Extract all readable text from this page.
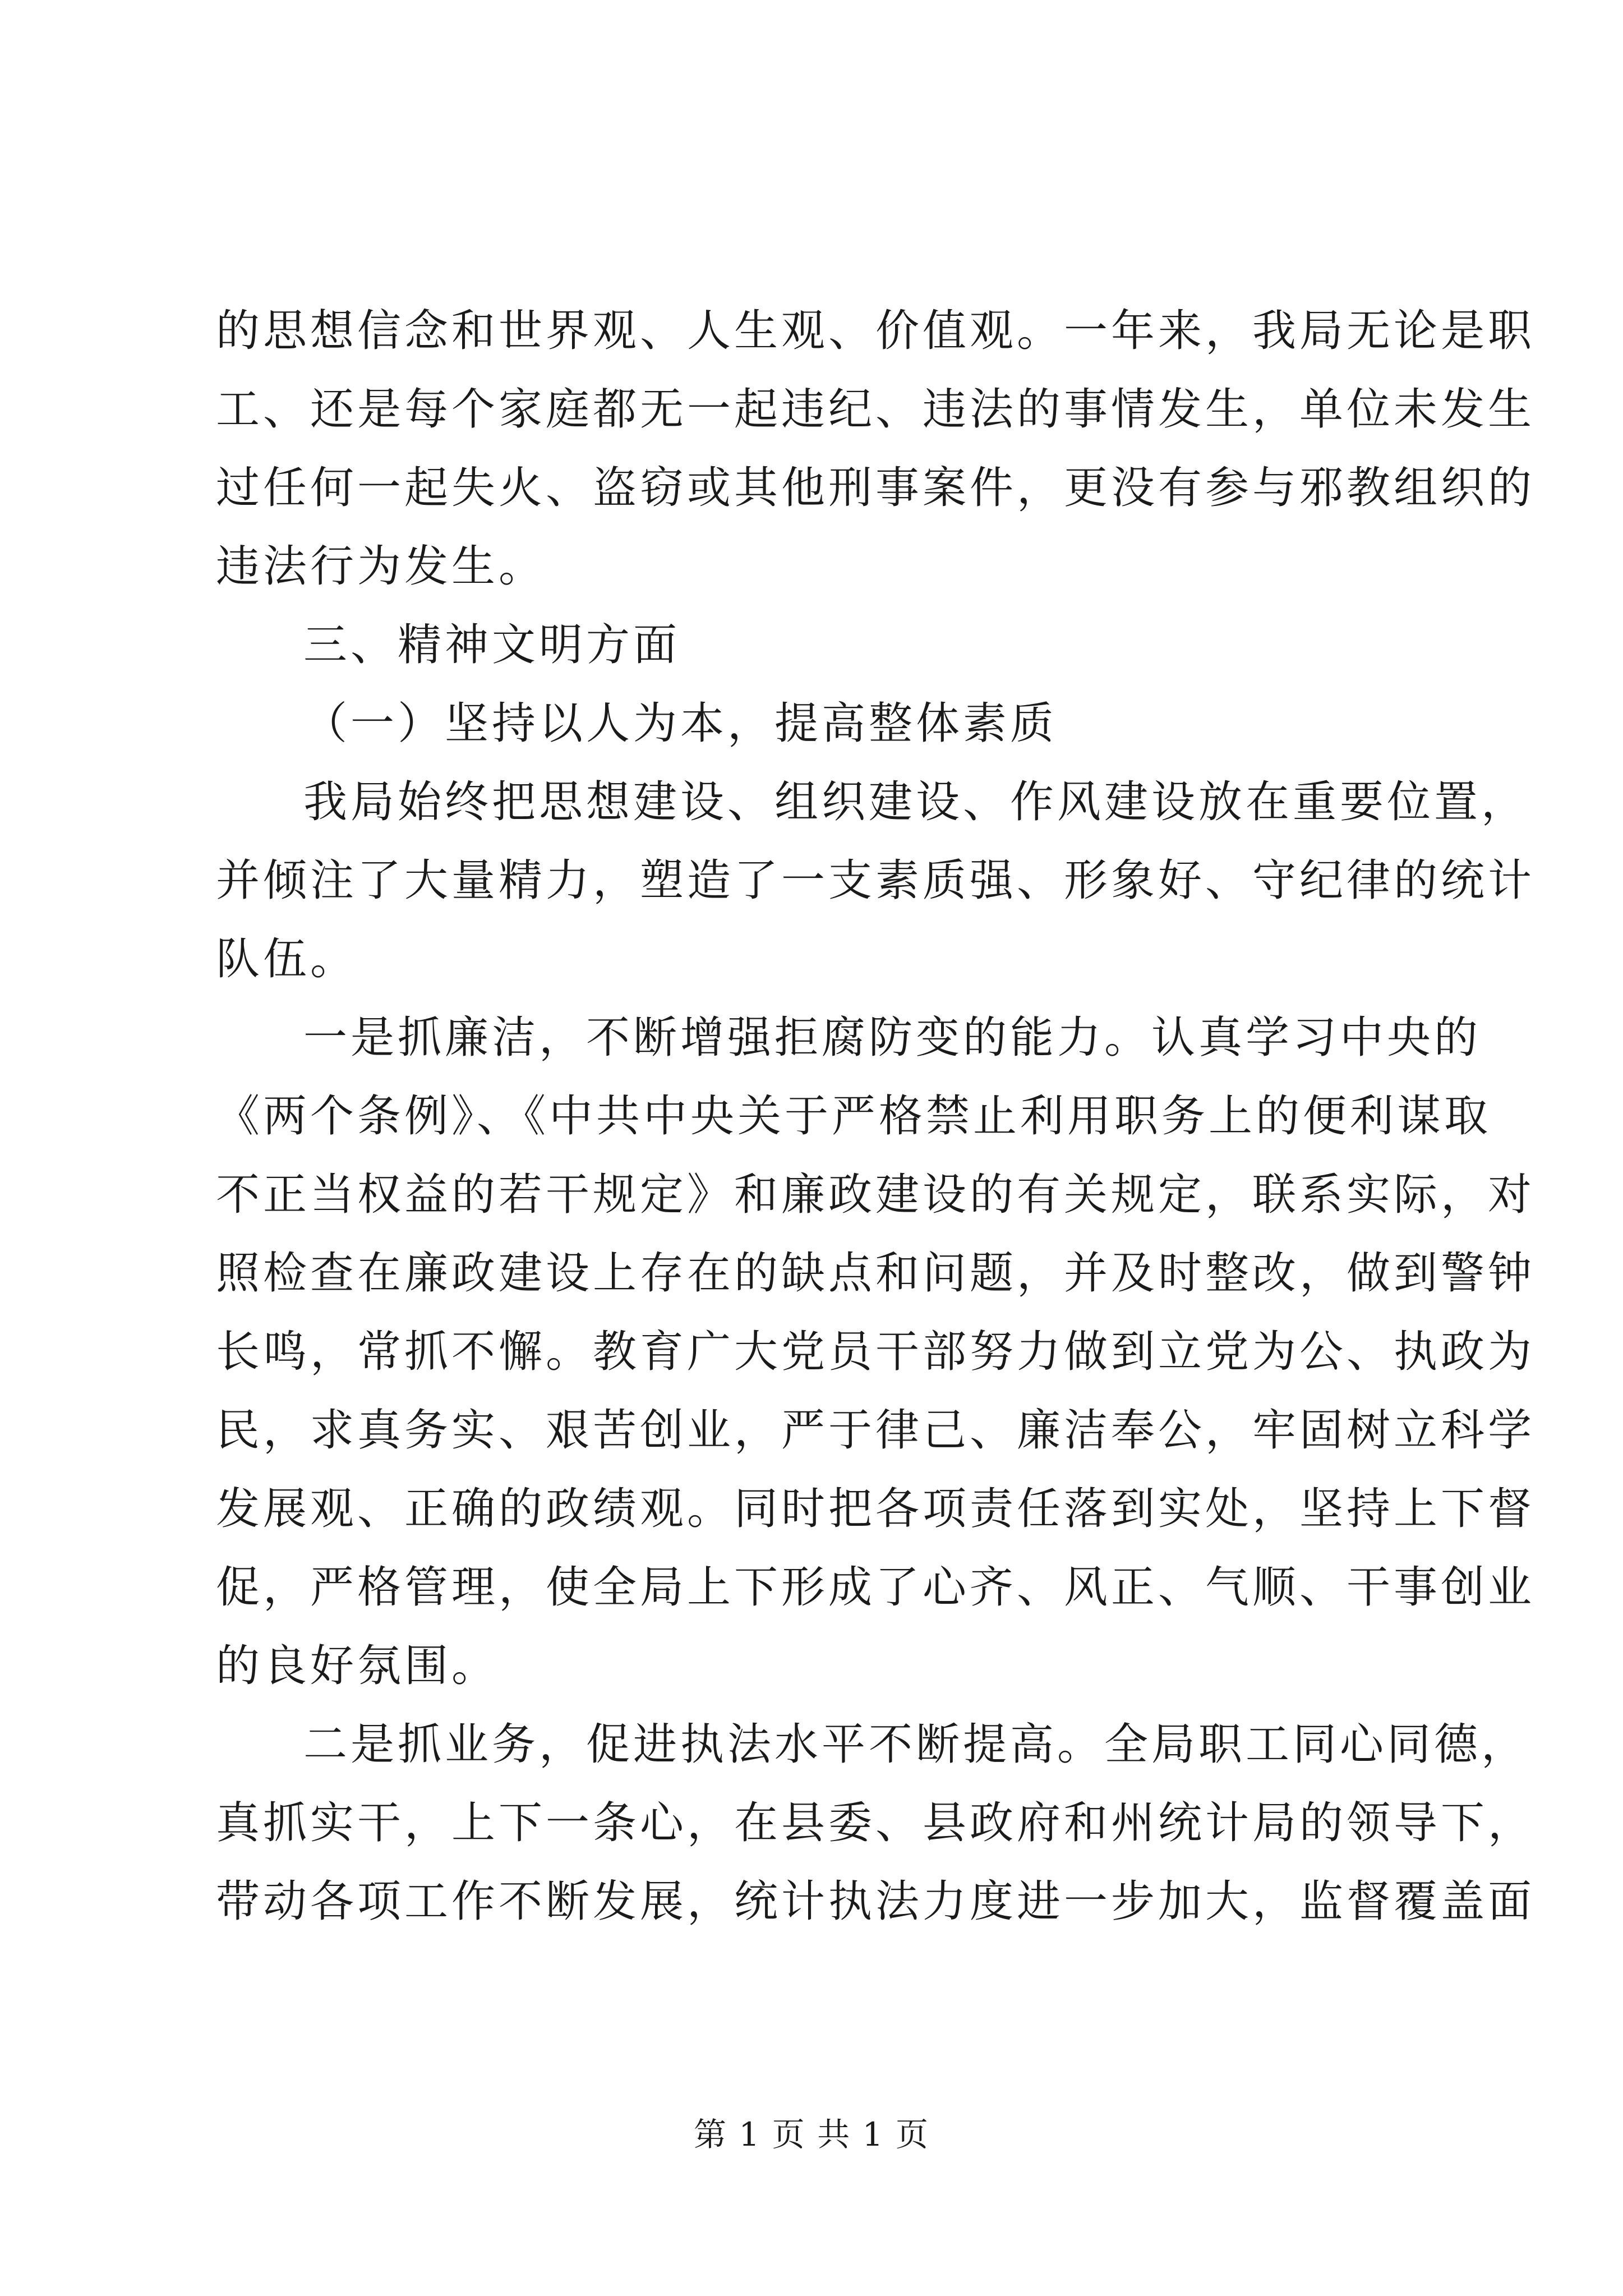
的思想信念和世界观、人生观、价值观。一年来，我局无论是职
工、还是每个家庭都无一起违纪、违法的事情发生，单位未发生
过任何一起失火、盗窃或其他刑事案件，更没有参与邪教组织的
违法行为发生。
三、精神文明方面
（一）坚持以人为本，提高整体素质
我局始终把思想建设、组织建设、作风建设放在重要位置，
并倾注了大量精力，塑造了一支素质强、形象好、守纪律的统计
队伍。
一是抓廉洁，不断增强拒腐防变的能力。认真学习中央的
《两个条例》、《中共中央关于严格禁止利用职务上的便利谋取
不正当权益的若干规定》和廉政建设的有关规定，联系实际，对
照检查在廉政建设上存在的缺点和问题，并及时整改，做到警钟
长鸣，常抓不懈。教育广大党员干部努力做到立党为公、执政为
民，求真务实、艰苦创业，严于律己、廉洁奉公，牢固树立科学
发展观、正确的政绩观。同时把各项责任落到实处，坚持上下督
促，严格管理，使全局上下形成了心齐、风正、气顺、干事创业
的良好氛围。
二是抓业务，促进执法水平不断提高。全局职工同心同德，
真抓实干，上下一条心，在县委、县政府和州统计局的领导下，
带动各项工作不断发展，统计执法力度进一步加大，监督覆盖面
第 1 页 共 1 页
